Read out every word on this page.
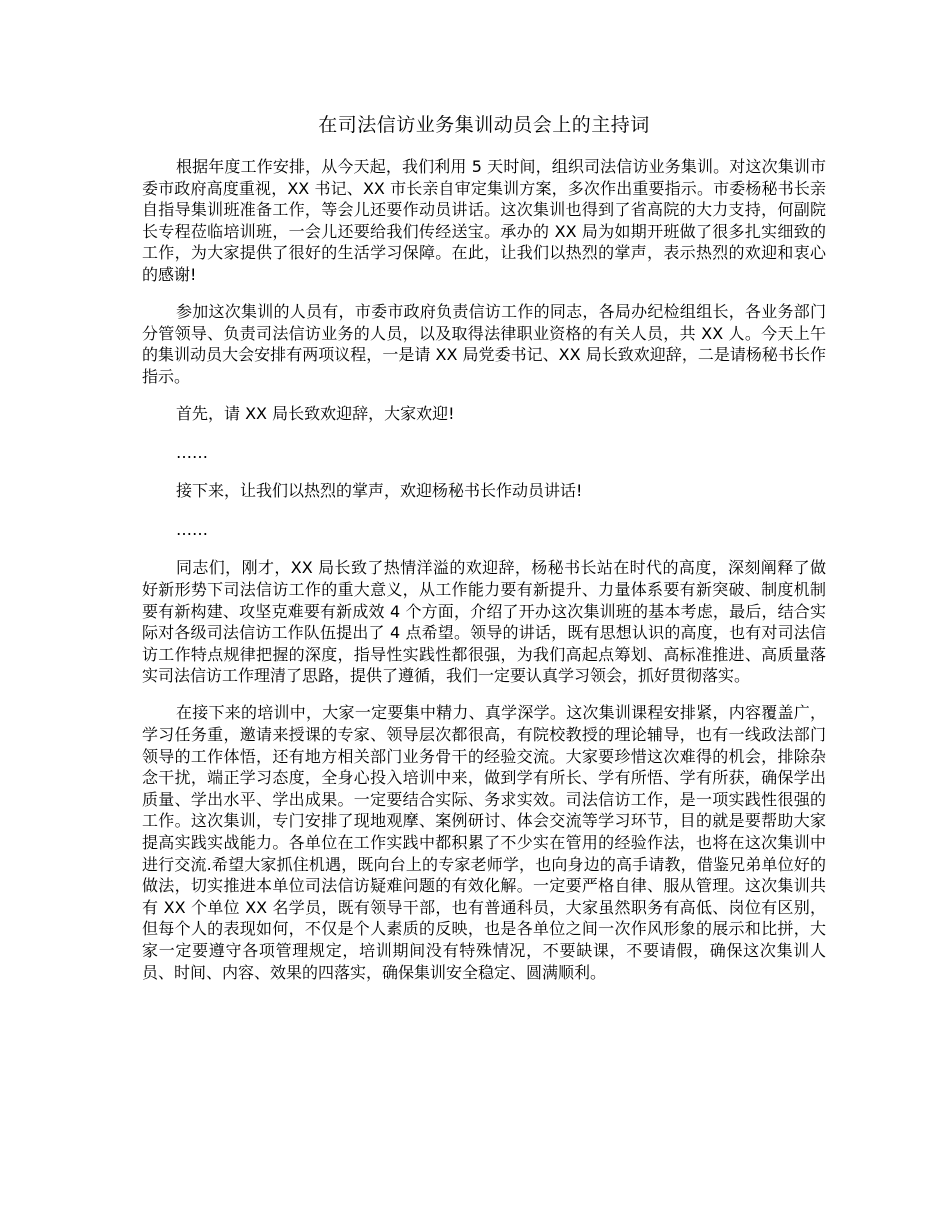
在司法信访业务集训动员会上的主持词

根据年度工作安排，从今天起，我们利用 5 天时间，组织司法信访业务集训。对这次集训市委市政府高度重视，XX 书记、XX 市长亲自审定集训方案，多次作出重要指示。市委杨秘书长亲自指导集训班准备工作，等会儿还要作动员讲话。这次集训也得到了省高院的大力支持，何副院长专程莅临培训班，一会儿还要给我们传经送宝。承办的 XX 局为如期开班做了很多扎实细致的工作，为大家提供了很好的生活学习保障。在此，让我们以热烈的掌声，表示热烈的欢迎和衷心的感谢!

参加这次集训的人员有，市委市政府负责信访工作的同志，各局办纪检组组长，各业务部门分管领导、负责司法信访业务的人员，以及取得法律职业资格的有关人员，共 XX 人。今天上午的集训动员大会安排有两项议程，一是请 XX 局党委书记、XX 局长致欢迎辞，二是请杨秘书长作指示。

首先，请 XX 局长致欢迎辞，大家欢迎!

……

接下来，让我们以热烈的掌声，欢迎杨秘书长作动员讲话!

……

同志们，刚才，XX 局长致了热情洋溢的欢迎辞，杨秘书长站在时代的高度，深刻阐释了做好新形势下司法信访工作的重大意义，从工作能力要有新提升、力量体系要有新突破、制度机制要有新构建、攻坚克难要有新成效 4 个方面，介绍了开办这次集训班的基本考虑，最后，结合实际对各级司法信访工作队伍提出了 4 点希望。领导的讲话，既有思想认识的高度，也有对司法信访工作特点规律把握的深度，指导性实践性都很强，为我们高起点筹划、高标准推进、高质量落实司法信访工作理清了思路，提供了遵循，我们一定要认真学习领会，抓好贯彻落实。

在接下来的培训中，大家一定要集中精力、真学深学。这次集训课程安排紧，内容覆盖广，学习任务重，邀请来授课的专家、领导层次都很高，有院校教授的理论辅导，也有一线政法部门领导的工作体悟，还有地方相关部门业务骨干的经验交流。大家要珍惜这次难得的机会，排除杂念干扰，端正学习态度，全身心投入培训中来，做到学有所长、学有所悟、学有所获，确保学出质量、学出水平、学出成果。一定要结合实际、务求实效。司法信访工作，是一项实践性很强的工作。这次集训，专门安排了现地观摩、案例研讨、体会交流等学习环节，目的就是要帮助大家提高实践实战能力。各单位在工作实践中都积累了不少实在管用的经验作法，也将在这次集训中进行交流.希望大家抓住机遇，既向台上的专家老师学，也向身边的高手请教，借鉴兄弟单位好的做法，切实推进本单位司法信访疑难问题的有效化解。一定要严格自律、服从管理。这次集训共有 XX 个单位 XX 名学员，既有领导干部，也有普通科员，大家虽然职务有高低、岗位有区别，但每个人的表现如何，不仅是个人素质的反映，也是各单位之间一次作风形象的展示和比拼，大家一定要遵守各项管理规定，培训期间没有特殊情况，不要缺课，不要请假，确保这次集训人员、时间、内容、效果的四落实，确保集训安全稳定、圆满顺利。
